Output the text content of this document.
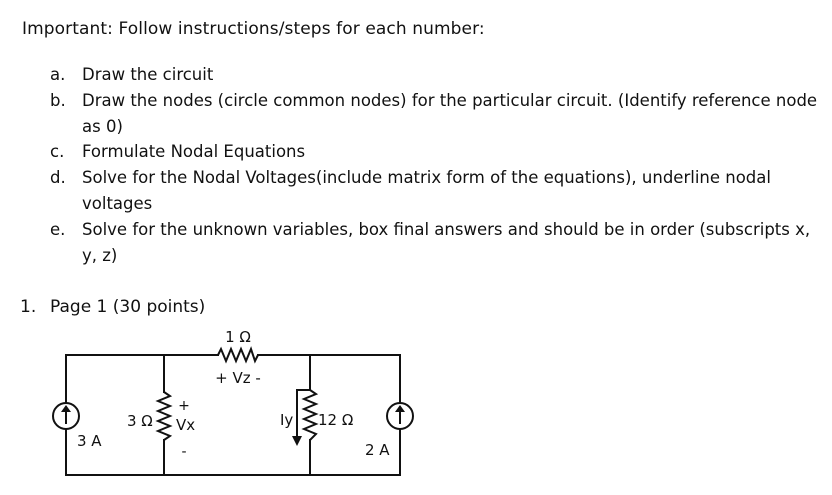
Important: Follow instructions/steps for each number:
a.	Draw the circuit
b. Draw the nodes (circle common nodes) for the particular circuit. (Identify reference node as 0)
c.	Formulate Nodal Equations
d. Solve for the Nodal Voltages(include matrix form of the equations), underline nodal voltages
e.	Solve for the unknown variables, box final answers and should be in order (subscripts x, y, z)
1. Page 1 (30 points)
1 Ω
+ Vz -
3 Ω
+
Vx
-
3 A
Iy 12 Ω
2 A
